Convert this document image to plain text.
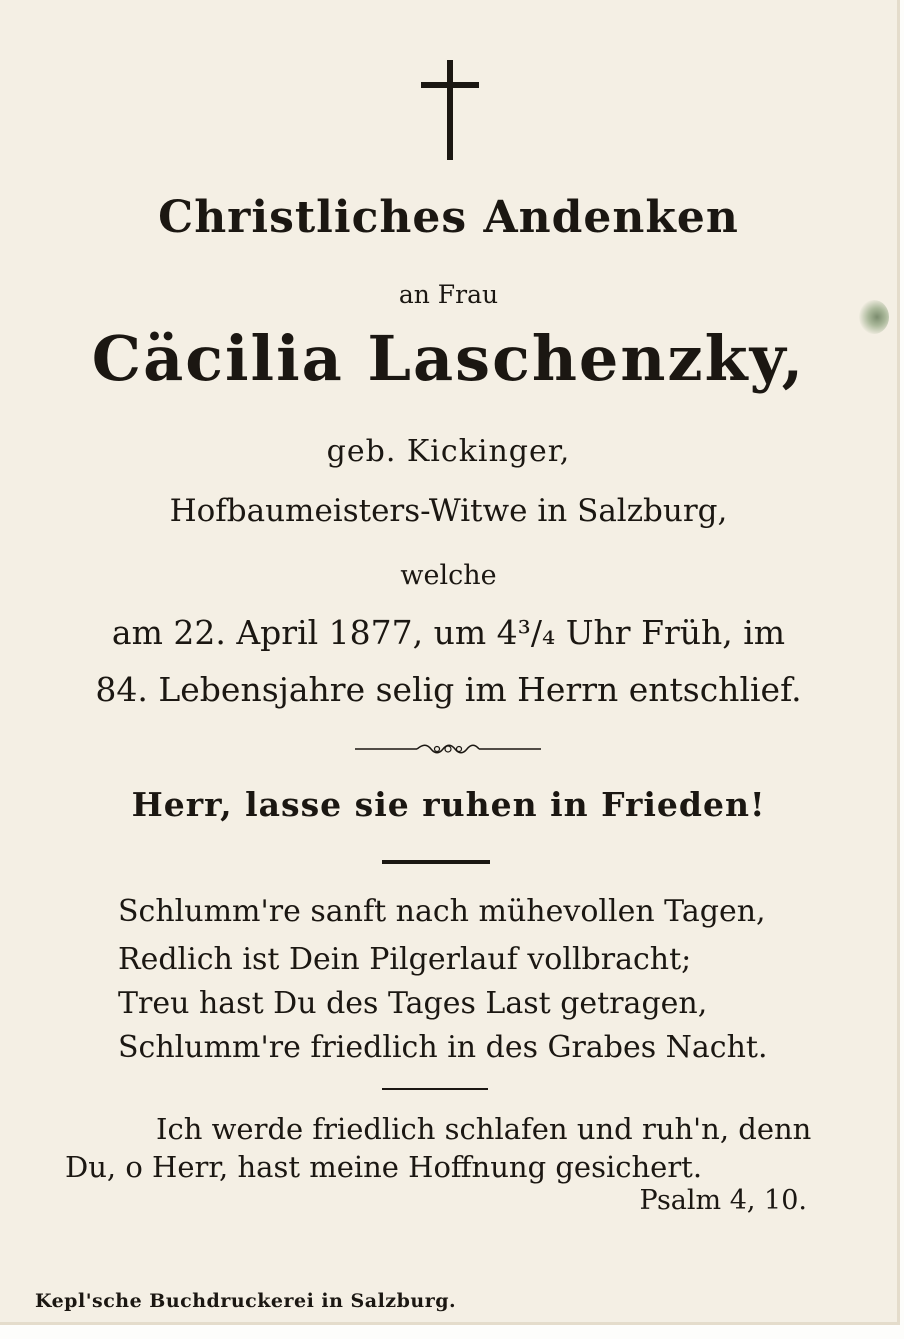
Christliches Andenken
an Frau
Cäcilia Laschenzky,
geb. Kickinger,
Hofbaumeisters-Witwe in Salzburg,
welche
am 22. April 1877, um 4³/₄ Uhr Früh, im
84. Lebensjahre selig im Herrn entschlief.
Herr, lasse sie ruhen in Frieden!
Schlumm're sanft nach mühevollen Tagen,
Redlich ist Dein Pilgerlauf vollbracht;
Treu hast Du des Tages Last getragen,
Schlumm're friedlich in des Grabes Nacht.
Ich werde friedlich schlafen und ruh'n, denn
Du, o Herr, hast meine Hoffnung gesichert.
Psalm 4, 10.
Kepl'sche Buchdruckerei in Salzburg.
